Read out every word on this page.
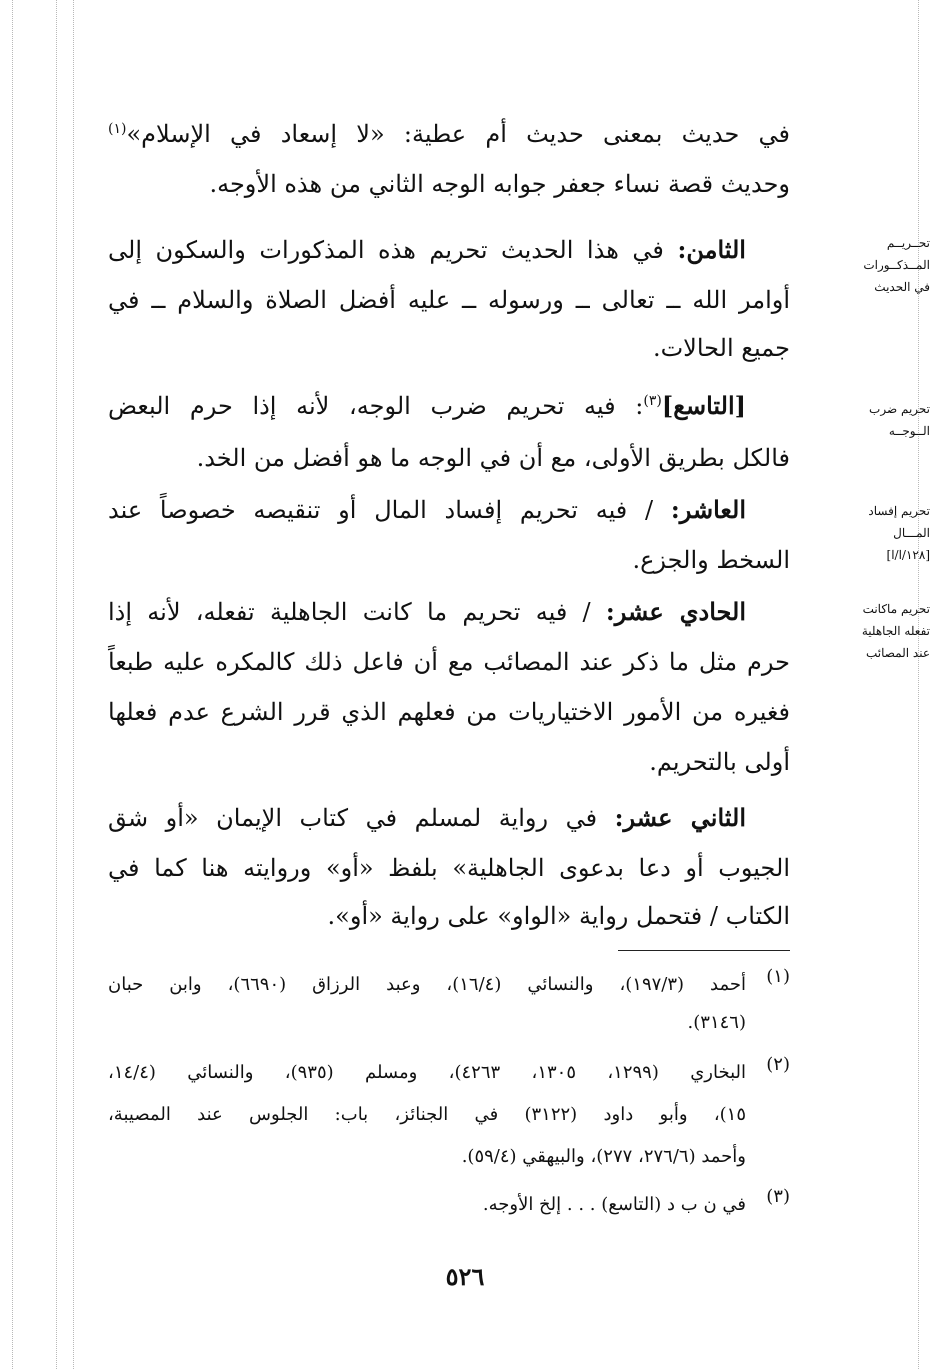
في حديث بمعنى حديث أم عطية: «لا إسعاد في الإسلام»$^{(١)}$
وحديث قصة نساء جعفر جوابه الوجه الثاني من هذه الأوجه.
الثامن: في هذا الحديث تحريم هذه المذكورات والسكون إلى
أوامر الله ــ تعالى ــ ورسوله ــ عليه أفضل الصلاة والسلام ــ في
جميع الحالات.
[التاسع]$^{(٣)}$: فيه تحريم ضرب الوجه، لأنه إذا حرم البعض
فالكل بطريق الأولى، مع أن في الوجه ما هو أفضل من الخد.
العاشر: / فيه تحريم إفساد المال أو تنقيصه خصوصاً عند
السخط والجزع.
الحادي عشر: / فيه تحريم ما كانت الجاهلية تفعله، لأنه إذا
حرم مثل ما ذكر عند المصائب مع أن فاعل ذلك كالمكره عليه طبعاً
فغيره من الأمور الاختياريات من فعلهم الذي قرر الشرع عدم فعلها
أولى بالتحريم.
الثاني عشر: في رواية لمسلم في كتاب الإيمان «أو شق
الجيوب أو دعا بدعوى الجاهلية» بلفظ «أو» وروايته هنا كما في
الكتاب / فتحمل رواية «الواو» على رواية «أو».
تحــريــم
المــذكــورات
في الحديث
تحريم ضرب
الــوجــه
تحريم إفساد
المـــال
[١٢٨/ا/ا]
تحريم ماكانت
تفعله الجاهلية
عند المصائب
(١)
أحمد (١٩٧/٣)، والنسائي (١٦/٤)، وعبد الرزاق (٦٦٩٠)، وابن حبان
(٣١٤٦).
(٢)
البخاري (١٢٩٩، ١٣٠٥، ٤٢٦٣)، ومسلم (٩٣٥)، والنسائي (١٤/٤،
١٥)، وأبو داود (٣١٢٢) في الجنائز، باب: الجلوس عند المصيبة،
وأحمد (٢٧٦/٦، ٢٧٧)، والبيهقي (٥٩/٤).
(٣)
في ن ب د (التاسع) . . . إلخ الأوجه.
٥٢٦
